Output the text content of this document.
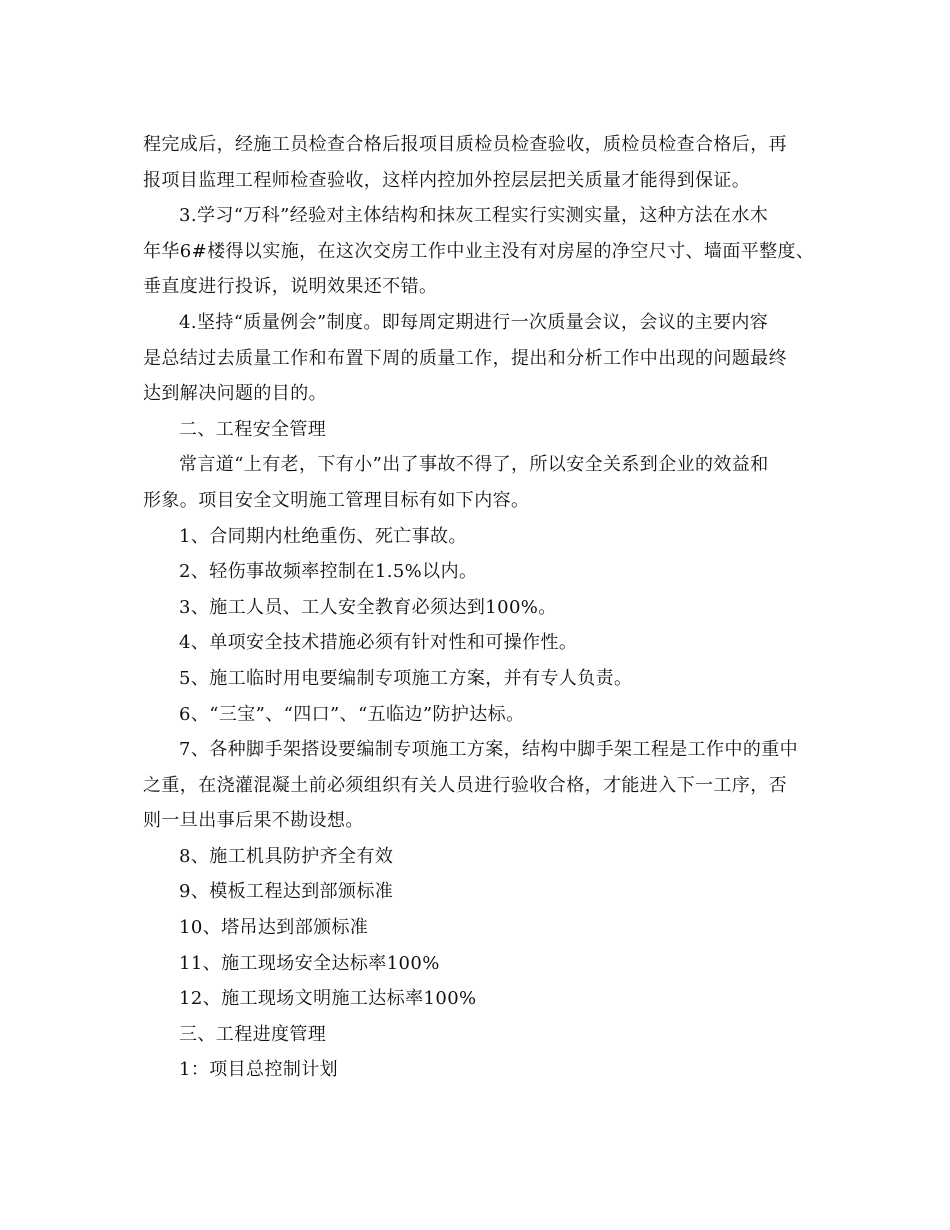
程完成后，经施工员检查合格后报项目质检员检查验收，质检员检查合格后，再
报项目监理工程师检查验收，这样内控加外控层层把关质量才能得到保证。
3.学习“万科”经验对主体结构和抹灰工程实行实测实量，这种方法在水木
年华6#楼得以实施，在这次交房工作中业主没有对房屋的净空尺寸、墙面平整度、
垂直度进行投诉，说明效果还不错。
4.坚持“质量例会”制度。即每周定期进行一次质量会议，会议的主要内容
是总结过去质量工作和布置下周的质量工作，提出和分析工作中出现的问题最终
达到解决问题的目的。
二、工程安全管理
常言道“上有老，下有小”出了事故不得了，所以安全关系到企业的效益和
形象。项目安全文明施工管理目标有如下内容。
1、合同期内杜绝重伤、死亡事故。
2、轻伤事故频率控制在1.5%以内。
3、施工人员、工人安全教育必须达到100%。
4、单项安全技术措施必须有针对性和可操作性。
5、施工临时用电要编制专项施工方案，并有专人负责。
6、“三宝”、“四口”、“五临边”防护达标。
7、各种脚手架搭设要编制专项施工方案，结构中脚手架工程是工作中的重中
之重，在浇灌混凝土前必须组织有关人员进行验收合格，才能进入下一工序，否
则一旦出事后果不勘设想。
8、施工机具防护齐全有效
9、模板工程达到部颁标准
10、塔吊达到部颁标准
11、施工现场安全达标率100%
12、施工现场文明施工达标率100%
三、工程进度管理
1：项目总控制计划
